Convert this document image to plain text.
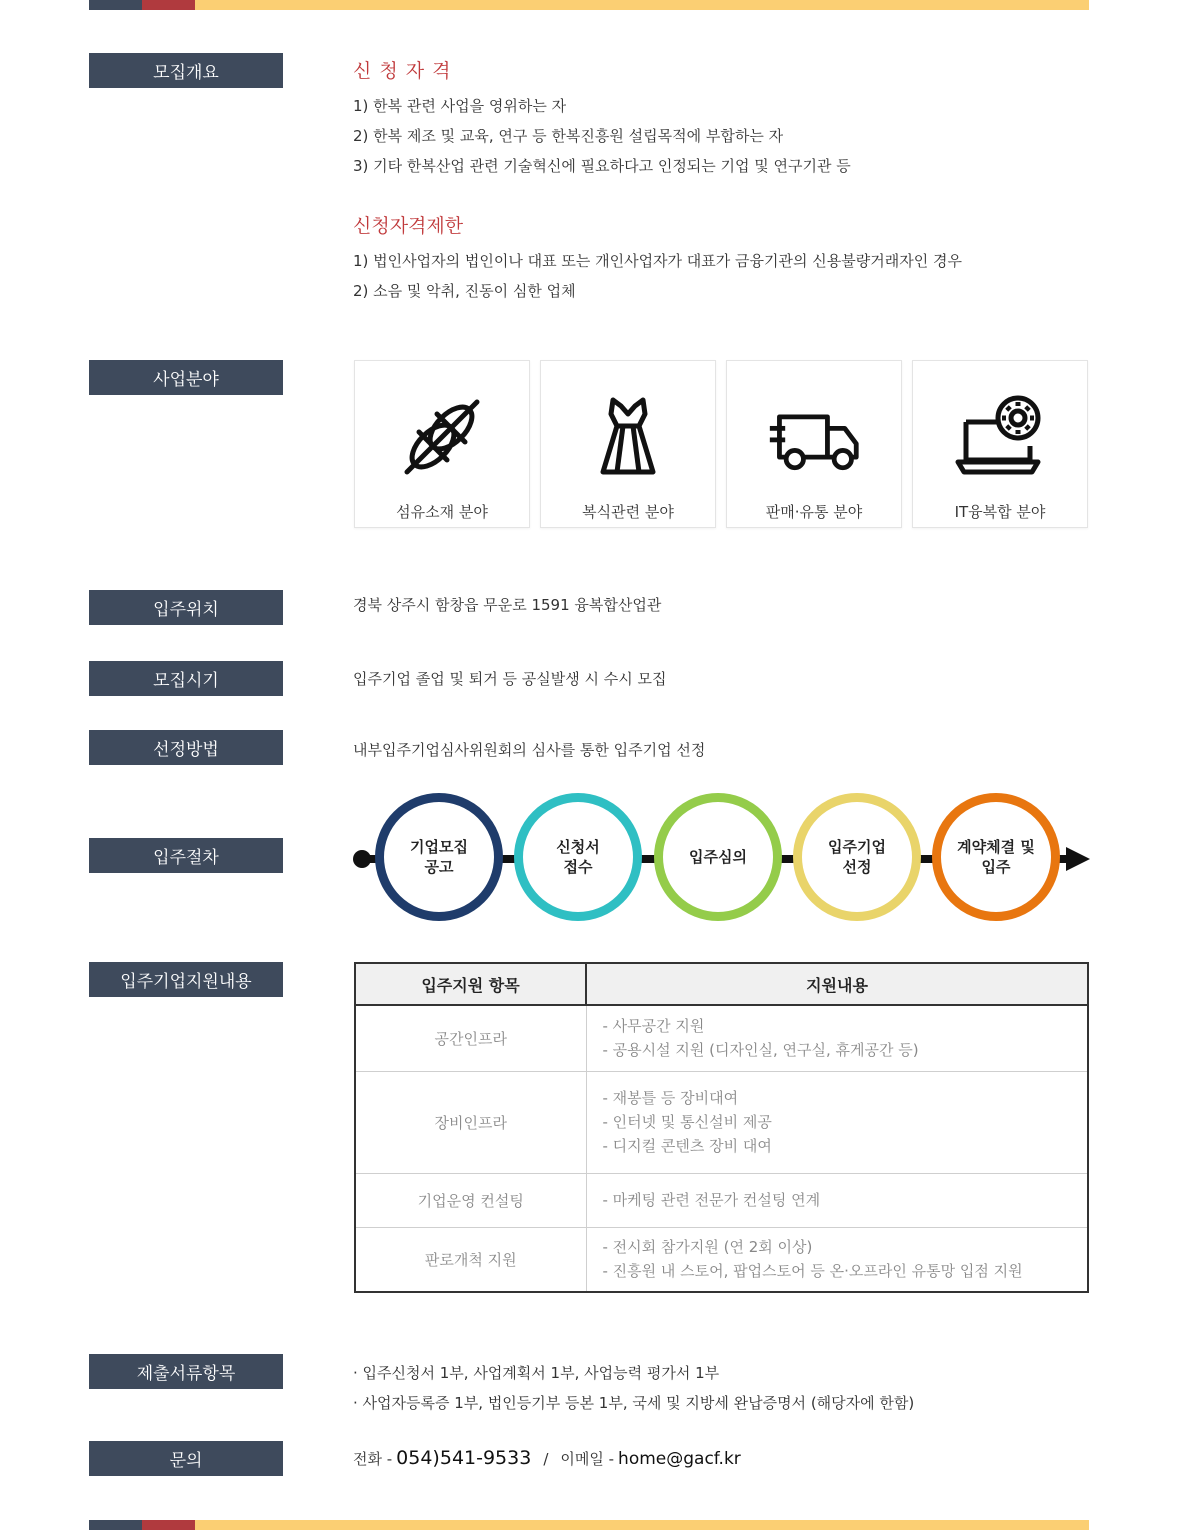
모집개요	신 청 자 격
1) 한복 관련 사업을 영위하는 자
2) 한복 제조 및 교육, 연구 등 한복진흥원 설립목적에 부합하는 자
3) 기타 한복산업 관련 기술혁신에 필요하다고 인정되는 기업 및 연구기관 등
신청자격제한
1) 법인사업자의 법인이나 대표 또는 개인사업자가 대표가 금융기관의 신용불량거래자인 경우
2) 소음 및 악취, 진동이 심한 업체
사업분야
섬유소재 분야	복식관련 분야	판매·유통 분야	IT융복합 분야
입주위치	경북 상주시 함창읍 무운로 1591 융복합산업관
모집시기	입주기업 졸업 및 퇴거 등 공실발생 시 수시 모집
선정방법	내부입주기업심사위원회의 심사를 통한 입주기업 선정
입주절차
기업모집
공고
신청서
접수
입주심의
입주기업
선정
계약체결 및
입주
입주기업지원내용	입주지원 항목	지원내용
공간인프라	- 사무공간 지원
- 공용시설 지원 (디자인실, 연구실, 휴게공간 등)

장비인프라	- 재봉틀 등 장비대여
- 인터넷 및 통신설비 제공
- 디지컬 콘텐츠 장비 대여

기업운영 컨설팅	- 마케팅 관련 전문가 컨설팅 연계

판로개척 지원	- 전시회 참가지원 (연 2회 이상)
- 진흥원 내 스토어, 팝업스토어 등 온·오프라인 유통망 입점 지원
제출서류항목	· 입주신청서 1부, 사업계획서 1부, 사업능력 평가서 1부
· 사업자등록증 1부, 법인등기부 등본 1부, 국세 및 지방세 완납증명서 (해당자에 한함)
문의	전화 - 054)541-9533 / 이메일 - home@gacf.kr
